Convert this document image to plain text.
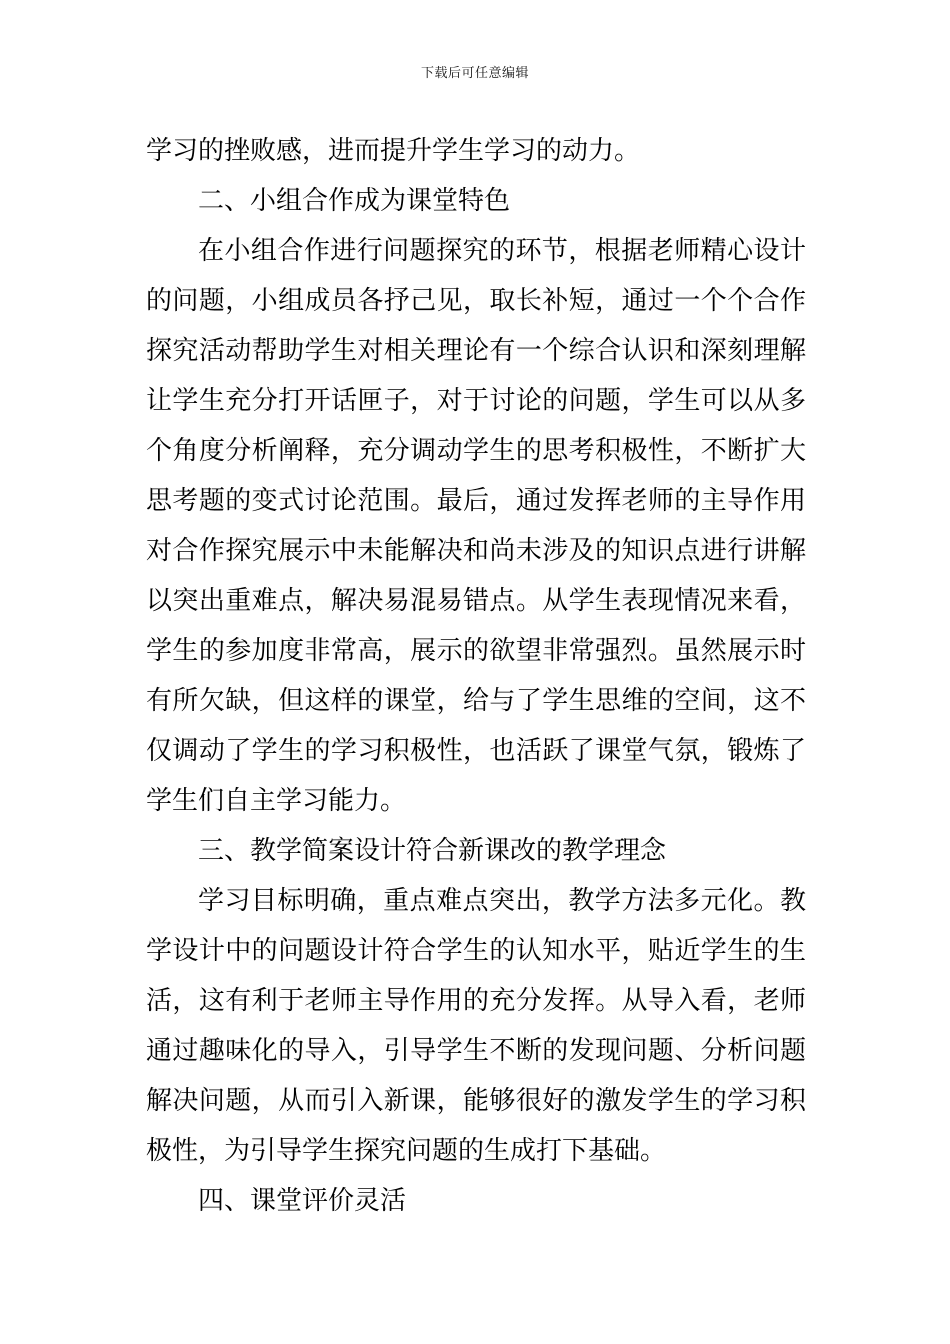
下载后可任意编辑
学习的挫败感，进而提升学生学习的动力。
二、小组合作成为课堂特色
在小组合作进行问题探究的环节，根据老师精心设计
的问题，小组成员各抒己见，取长补短，通过一个个合作
探究活动帮助学生对相关理论有一个综合认识和深刻理解
让学生充分打开话匣子，对于讨论的问题，学生可以从多
个角度分析阐释，充分调动学生的思考积极性，不断扩大
思考题的变式讨论范围。最后，通过发挥老师的主导作用
对合作探究展示中未能解决和尚未涉及的知识点进行讲解
以突出重难点，解决易混易错点。从学生表现情况来看，
学生的参加度非常高，展示的欲望非常强烈。虽然展示时
有所欠缺，但这样的课堂，给与了学生思维的空间，这不
仅调动了学生的学习积极性，也活跃了课堂气氛，锻炼了
学生们自主学习能力。
三、教学简案设计符合新课改的教学理念
学习目标明确，重点难点突出，教学方法多元化。教
学设计中的问题设计符合学生的认知水平，贴近学生的生
活，这有利于老师主导作用的充分发挥。从导入看，老师
通过趣味化的导入，引导学生不断的发现问题、分析问题
解决问题，从而引入新课，能够很好的激发学生的学习积
极性，为引导学生探究问题的生成打下基础。
四、课堂评价灵活
